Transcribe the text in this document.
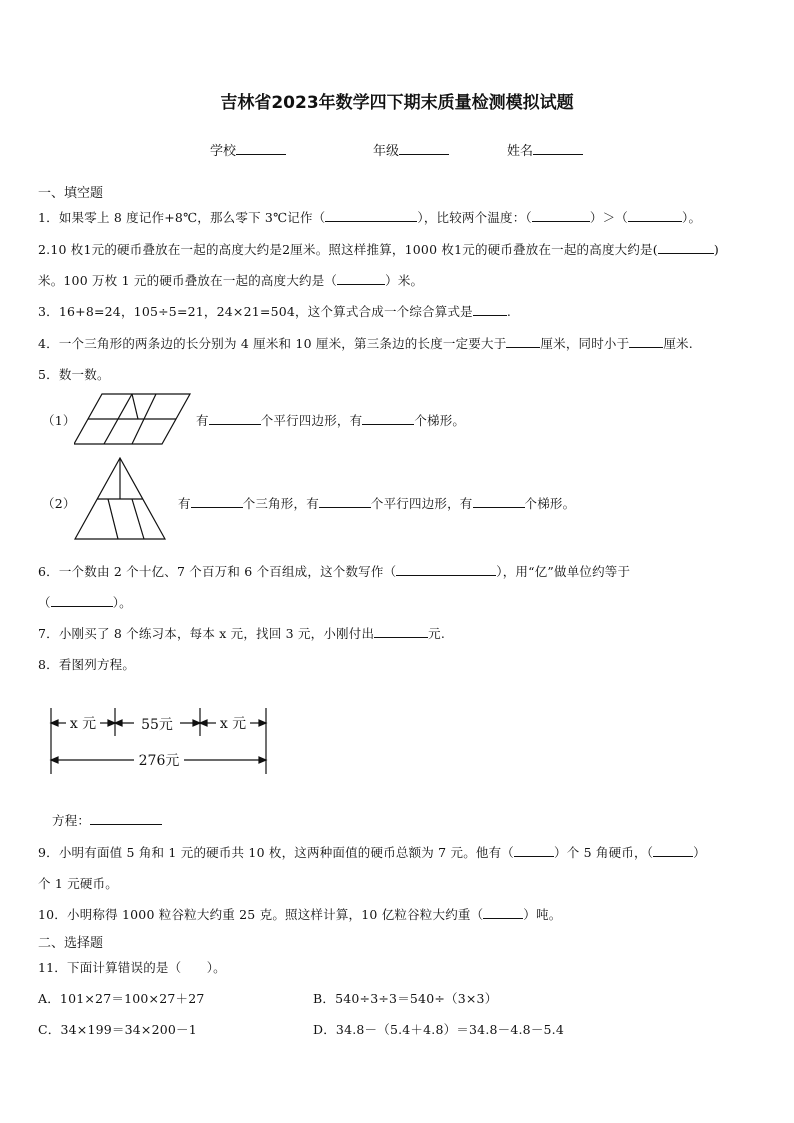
吉林省2023年数学四下期末质量检测模拟试题
学校	年级	姓名
一、填空题
1．如果零上 8 度记作+8℃，那么零下 3℃记作（	），比较两个温度：（	）＞（	）。
2.10 枚1元的硬币叠放在一起的高度大约是2厘米。照这样推算，1000 枚1元的硬币叠放在一起的高度大约是(	)
米。100 万枚 1 元的硬币叠放在一起的高度大约是（	）米。
3．16+8=24，105÷5=21，24×21=504，这个算式合成一个综合算式是	.
4．一个三角形的两条边的长分别为 4 厘米和 10 厘米，第三条边的长度一定要大于	厘米，同时小于	厘米.
5．数一数。
（1）	有	个平行四边形，有	个梯形。
（2）	有	个三角形，有	个平行四边形，有	个梯形。
6．一个数由 2 个十亿、7 个百万和 6 个百组成，这个数写作（	），用“亿”做单位约等于
（	）。
7．小刚买了 8 个练习本，每本 x 元，找回 3 元，小刚付出	元.
8．看图列方程。
x 元	55元	x 元
276元
方程：
9．小明有面值 5 角和 1 元的硬币共 10 枚，这两种面值的硬币总额为 7 元。他有（	）个 5 角硬币，（	）
个 1 元硬币。
10．小明称得 1000 粒谷粒大约重 25 克。照这样计算，10 亿粒谷粒大约重（	）吨。
二、选择题
11．下面计算错误的是（　　）。
A．101×27＝100×27＋27	B．540÷3÷3＝540÷（3×3）
C．34×199＝34×200－1	D．34.8－（5.4＋4.8）＝34.8－4.8－5.4
